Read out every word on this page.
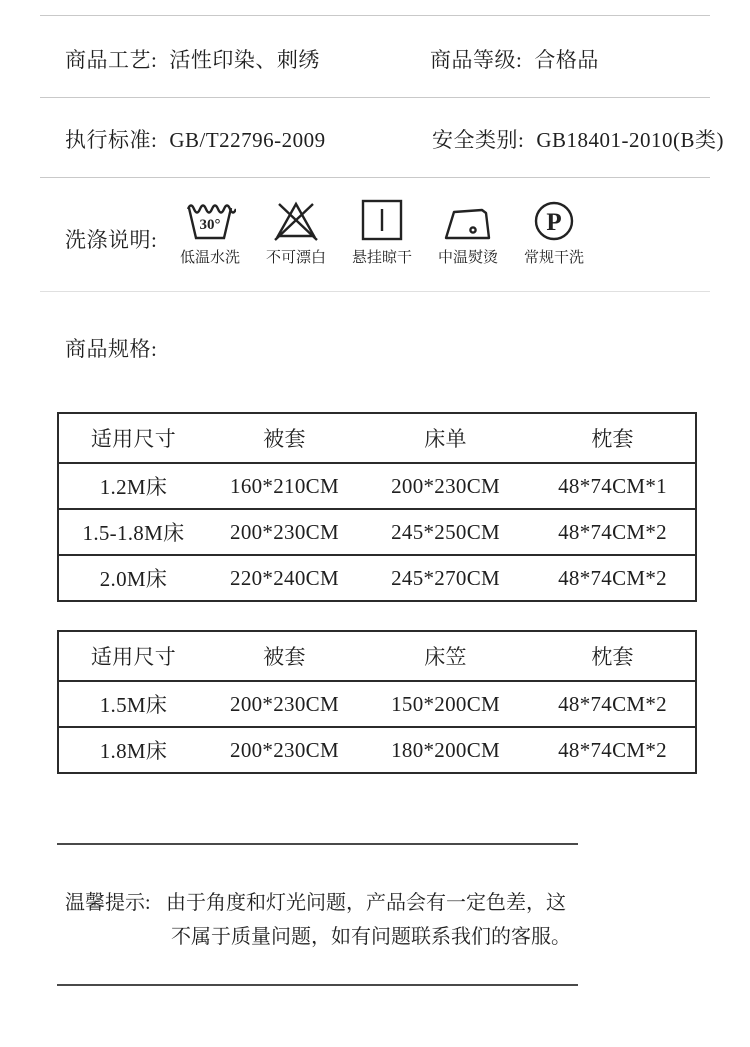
商品工艺: 活性印染、刺绣	商品等级: 合格品
执行标准: GB/T22796-2009	安全类别: GB18401-2010(B类)
洗涤说明:
30°
低温水洗 不可漂白 悬挂晾干 中温熨烫
P
常规干洗
商品规格:
适用尺寸	被套	床单	枕套
1.2M床	160*210CM	200*230CM	48*74CM*1
1.5-1.8M床	200*230CM	245*250CM	48*74CM*2
2.0M床	220*240CM	245*270CM	48*74CM*2
适用尺寸	被套	床笠	枕套
1.5M床	200*230CM	150*200CM	48*74CM*2
1.8M床	200*230CM	180*200CM	48*74CM*2
温馨提示: 由于角度和灯光问题，产品会有一定色差，这
不属于质量问题，如有问题联系我们的客服。
